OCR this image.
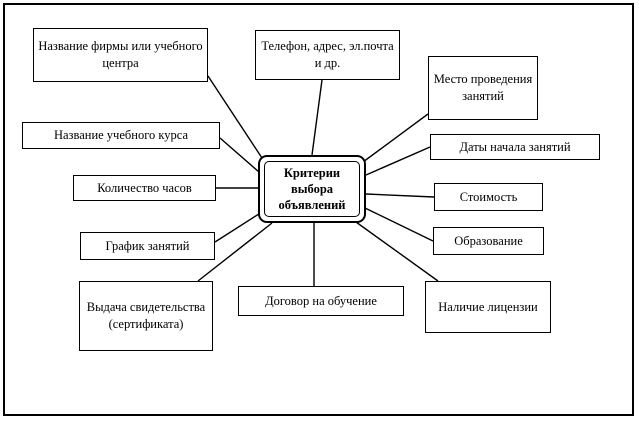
Название фирмы или учебного центра
Телефон, адрес, эл.почта и др.
Место проведения занятий
Название учебного курса
Даты начала занятий
Количество часов
Стоимость
График занятий	Образование
Выдача свидетельства (сертификата)
Договор на обучение	Наличие лицензии
Критерии выбора объявлений
